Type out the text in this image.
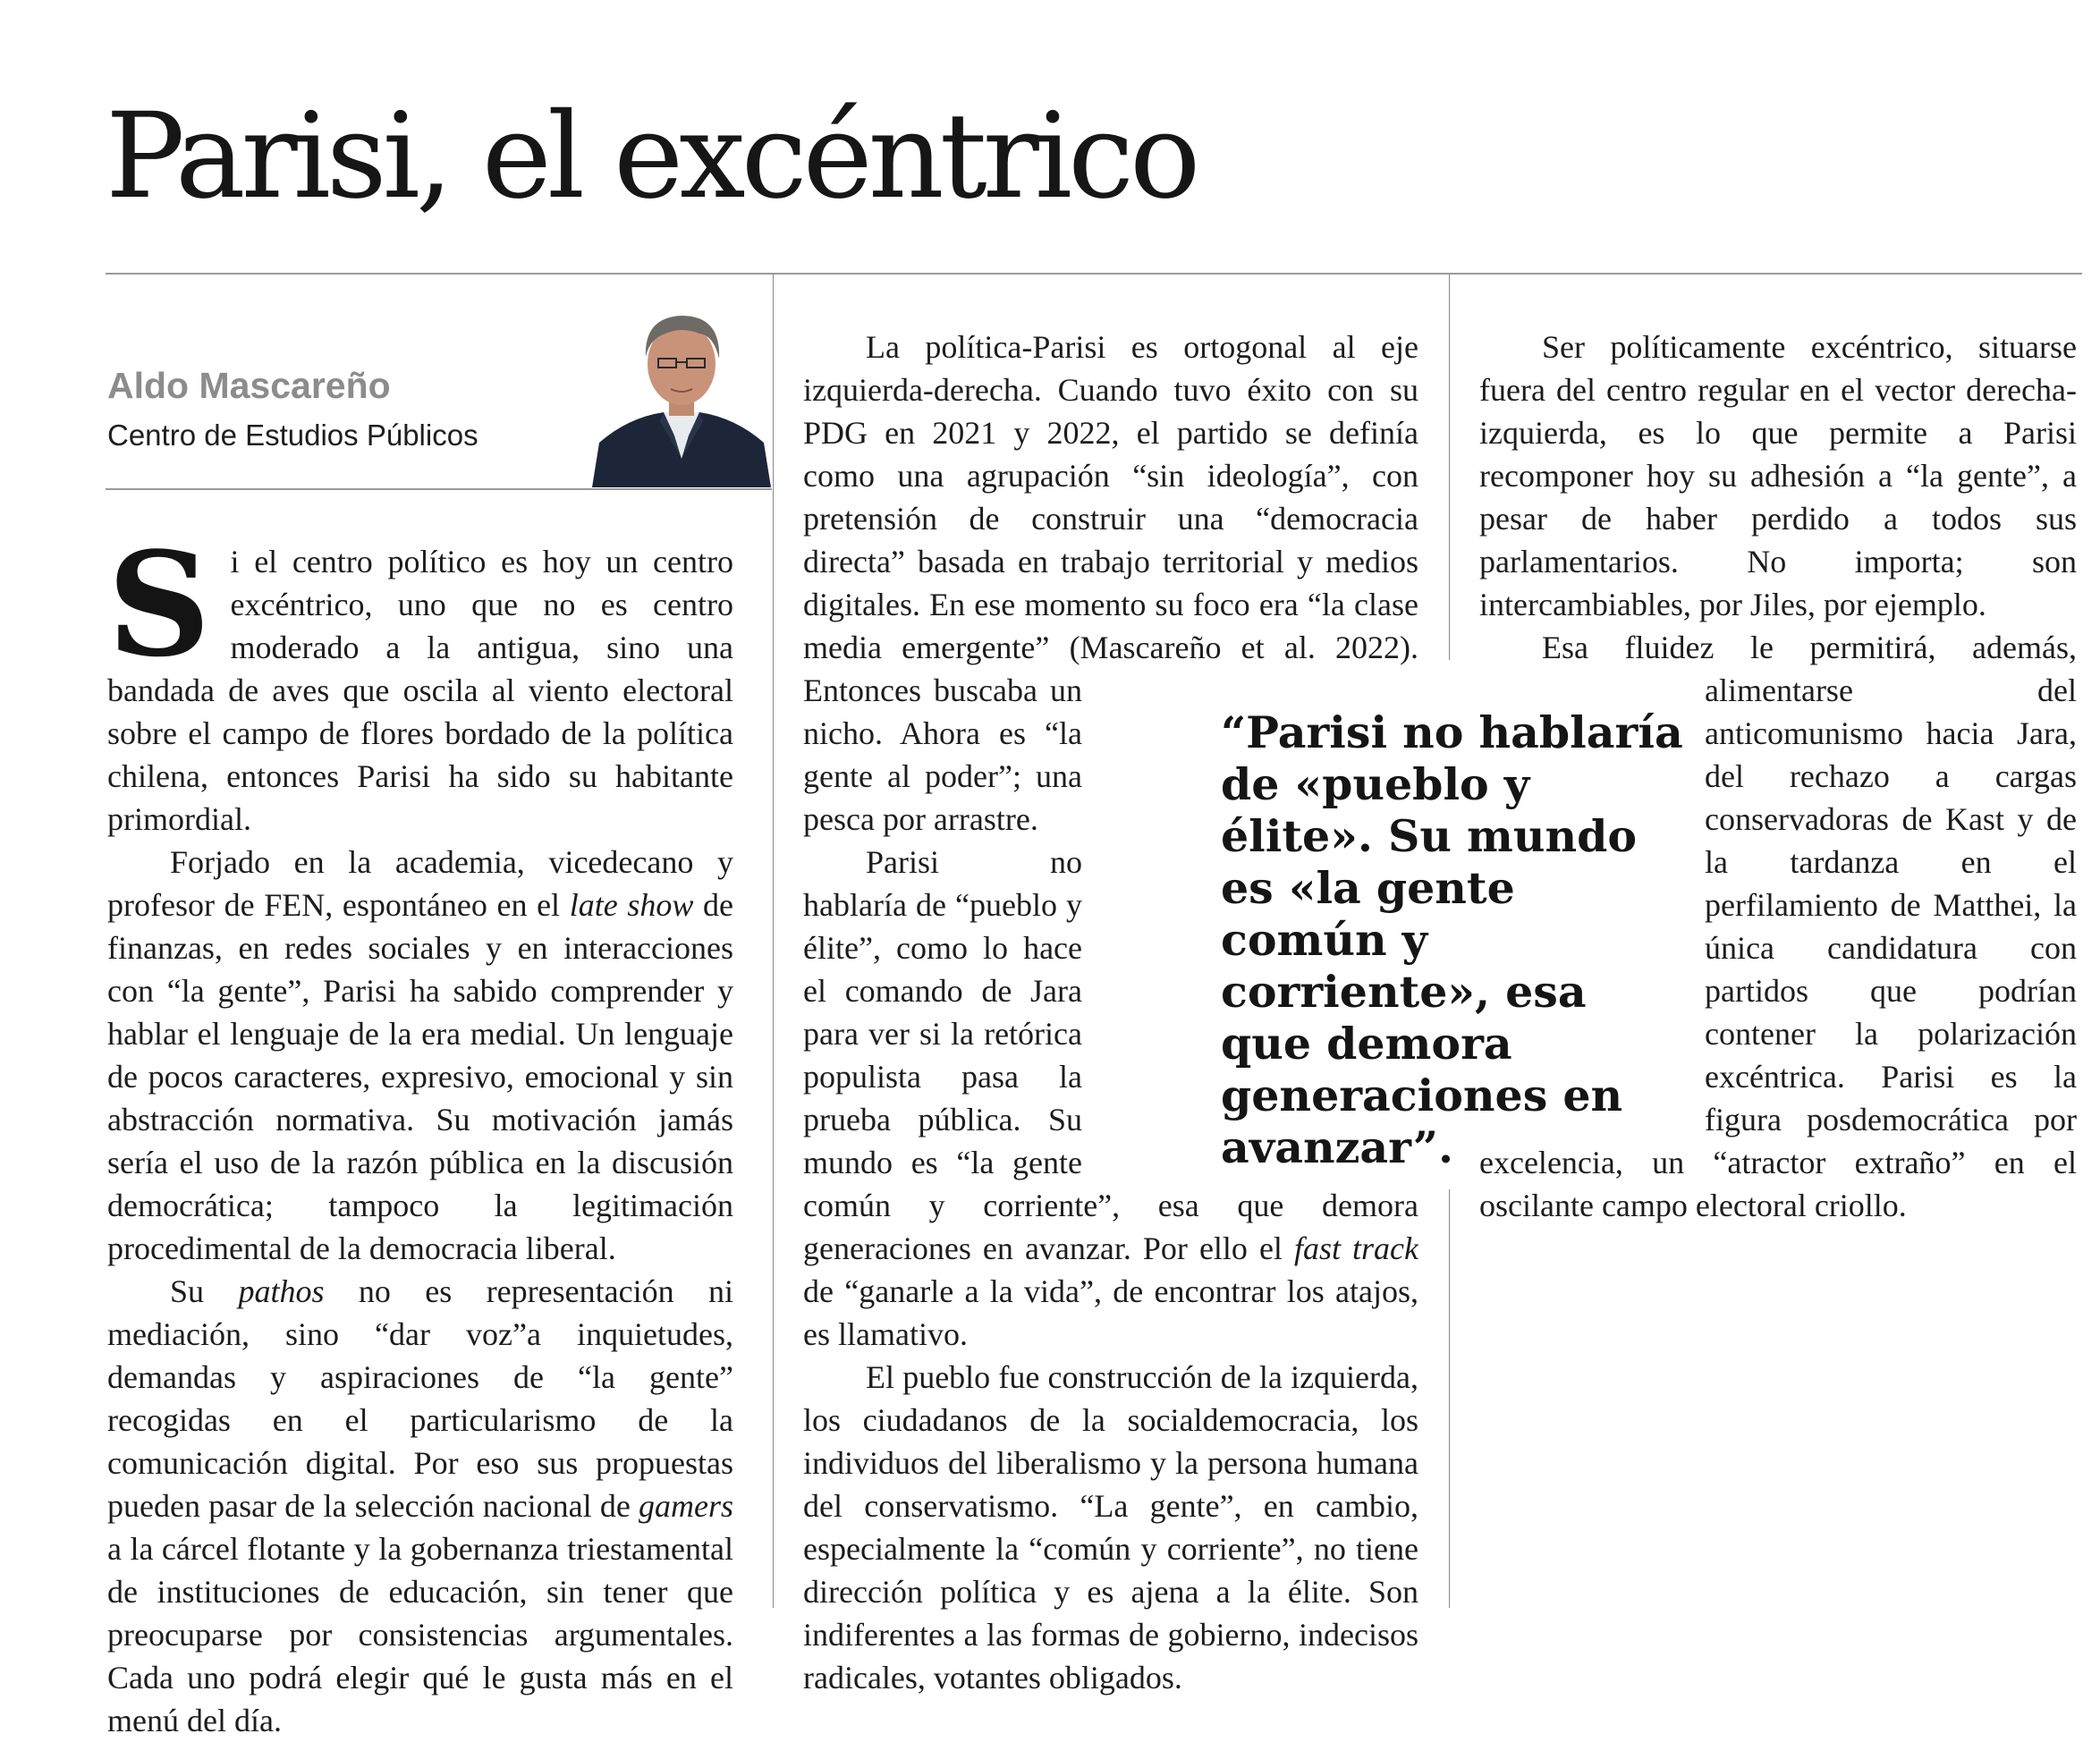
Parisi, el excéntrico
Aldo Mascareño
Centro de Estudios Públicos
“Parisi no hablaría de «pueblo y élite». Su mundo es «la gente común y corriente», esa que demora generaciones en avanzar”.

Si el centro político es hoy un centro excéntrico, uno que no es centro moderado a la antigua, sino una bandada de aves que oscila al viento electoral sobre el campo de flores bordado de la política chilena, entonces Parisi ha sido su habitante primordial.

Forjado en la academia, vicedecano y profesor de FEN, espontáneo en el late show de finanzas, en redes sociales y en interacciones con “la gente”, Parisi ha sabido comprender y hablar el lenguaje de la era medial. Un lenguaje de pocos caracteres, expresivo, emocional y sin abstracción normativa. Su motivación jamás sería el uso de la razón pública en la discusión democrática; tampoco la legitimación procedimental de la democracia liberal.

Su pathos no es representación ni mediación, sino “dar voz”a inquietudes, demandas y aspiraciones de “la gente” recogidas en el particularismo de la comunicación digital. Por eso sus propuestas pueden pasar de la selección nacional de gamers a la cárcel flotante y la gobernanza triestamental de instituciones de educación, sin tener que preocuparse por consistencias argumentales. Cada uno podrá elegir qué le gusta más en el menú del día.

La política-Parisi es ortogonal al eje izquierda-derecha. Cuando tuvo éxito con su PDG en 2021 y 2022, el partido se definía como una agrupación “sin ideología”, con pretensión de construir una “democracia directa” basada en trabajo territorial y medios digitales. En ese momento su foco era “la clase media emergente” (Mascareño et al. 2022). Entonces buscaba un nicho. Ahora es “la gente al poder”; una pesca por arrastre.

Parisi no hablaría de “pueblo y élite”, como lo hace el comando de Jara para ver si la retórica populista pasa la prueba pública. Su mundo es “la gente común y corriente”, esa que demora generaciones en avanzar. Por ello el fast track de “ganarle a la vida”, de encontrar los atajos, es llamativo.

El pueblo fue construcción de la izquierda, los ciudadanos de la socialdemocracia, los individuos del liberalismo y la persona humana del conservatismo. “La gente”, en cambio, especialmente la “común y corriente”, no tiene dirección política y es ajena a la élite. Son indiferentes a las formas de gobierno, indecisos radicales, votantes obligados.

Ser políticamente excéntrico, situarse fuera del centro regular en el vector derecha-izquierda, es lo que permite a Parisi recomponer hoy su adhesión a “la gente”, a pesar de haber perdido a todos sus parlamentarios. No importa; son intercambiables, por Jiles, por ejemplo.

Esa fluidez le permitirá, además, alimentarse del anticomunismo hacia Jara, del rechazo a cargas conservadoras de Kast y de la tardanza en el perfilamiento de Matthei, la única candidatura con partidos que podrían contener la polarización excéntrica. Parisi es la figura posdemocrática por excelencia, un “atractor extraño” en el oscilante campo electoral criollo.
